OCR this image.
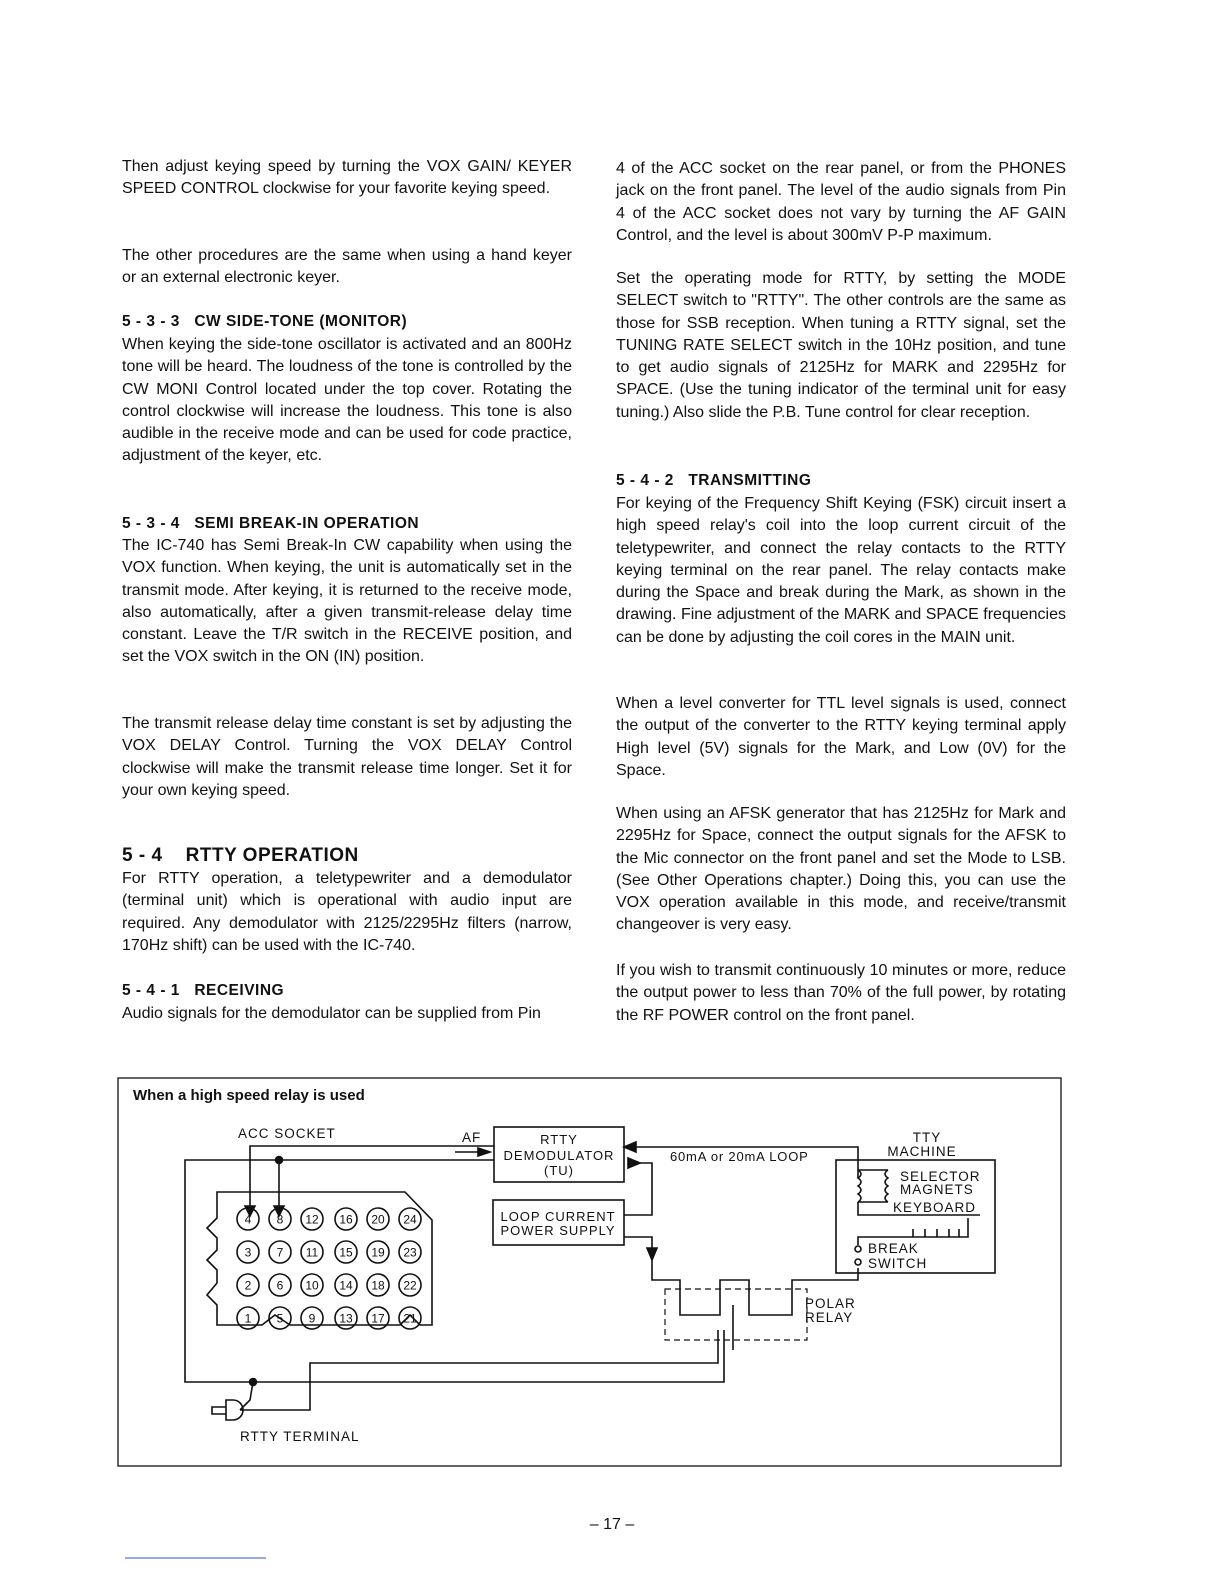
Then adjust keying speed by turning the VOX GAIN/ KEYER SPEED CONTROL clockwise for your favorite keying speed.

The other procedures are the same when using a hand keyer or an external electronic keyer.

5 - 3 - 3   CW SIDE-TONE (MONITOR)

When keying the side-tone oscillator is activated and an 800Hz tone will be heard. The loudness of the tone is controlled by the CW MONI Control located under the top cover. Rotating the control clockwise will increase the loudness. This tone is also audible in the receive mode and can be used for code practice, adjustment of the keyer, etc.

5 - 3 - 4   SEMI BREAK-IN OPERATION

The IC-740 has Semi Break-In CW capability when using the VOX function. When keying, the unit is automatically set in the transmit mode. After keying, it is returned to the receive mode, also automatically, after a given transmit-release delay time constant. Leave the T/R switch in the RECEIVE position, and set the VOX switch in the ON (IN) position.

The transmit release delay time constant is set by adjusting the VOX DELAY Control. Turning the VOX DELAY Control clockwise will make the transmit release time longer. Set it for your own keying speed.

5 - 4    RTTY OPERATION

For RTTY operation, a teletypewriter and a demodulator (terminal unit) which is operational with audio input are required. Any demodulator with 2125/2295Hz filters (narrow, 170Hz shift) can be used with the IC-740.

5 - 4 - 1   RECEIVING

Audio signals for the demodulator can be supplied from Pin

4 of the ACC socket on the rear panel, or from the PHONES jack on the front panel. The level of the audio signals from Pin 4 of the ACC socket does not vary by turning the AF GAIN Control, and the level is about 300mV P-P maximum.

Set the operating mode for RTTY, by setting the MODE SELECT switch to "RTTY". The other controls are the same as those for SSB reception. When tuning a RTTY signal, set the TUNING RATE SELECT switch in the 10Hz position, and tune to get audio signals of 2125Hz for MARK and 2295Hz for SPACE. (Use the tuning indicator of the terminal unit for easy tuning.) Also slide the P.B. Tune control for clear reception.

5 - 4 - 2   TRANSMITTING

For keying of the Frequency Shift Keying (FSK) circuit insert a high speed relay's coil into the loop current circuit of the teletypewriter, and connect the relay contacts to the RTTY keying terminal on the rear panel. The relay contacts make during the Space and break during the Mark, as shown in the drawing. Fine adjustment of the MARK and SPACE frequencies can be done by adjusting the coil cores in the MAIN unit.

When a level converter for TTL level signals is used, connect the output of the converter to the RTTY keying terminal apply High level (5V) signals for the Mark, and Low (0V) for the Space.

When using an AFSK generator that has 2125Hz for Mark and 2295Hz for Space, connect the output signals for the AFSK to the Mic connector on the front panel and set the Mode to LSB. (See Other Operations chapter.) Doing this, you can use the VOX operation available in this mode, and receive/transmit changeover is very easy.

If you wish to transmit continuously 10 minutes or more, reduce the output power to less than 70% of the full power, by rotating the RF POWER control on the front panel.

When a high speed relay is used
ACC SOCKET	AF	RTTY
DEMODULATOR
(TU)
LOOP CURRENT
POWER SUPPLY
4 8 12 16 20 24
3 7 11 15 19 23
2 6 10 14 18 22
1 5 9 13 17 21
RTTY TERMINAL
60mA or 20mA LOOP
POLAR
RELAY
TTY
MACHINE
SELECTOR
MAGNETS
KEYBOARD
BREAK
SWITCH
– 17 –
